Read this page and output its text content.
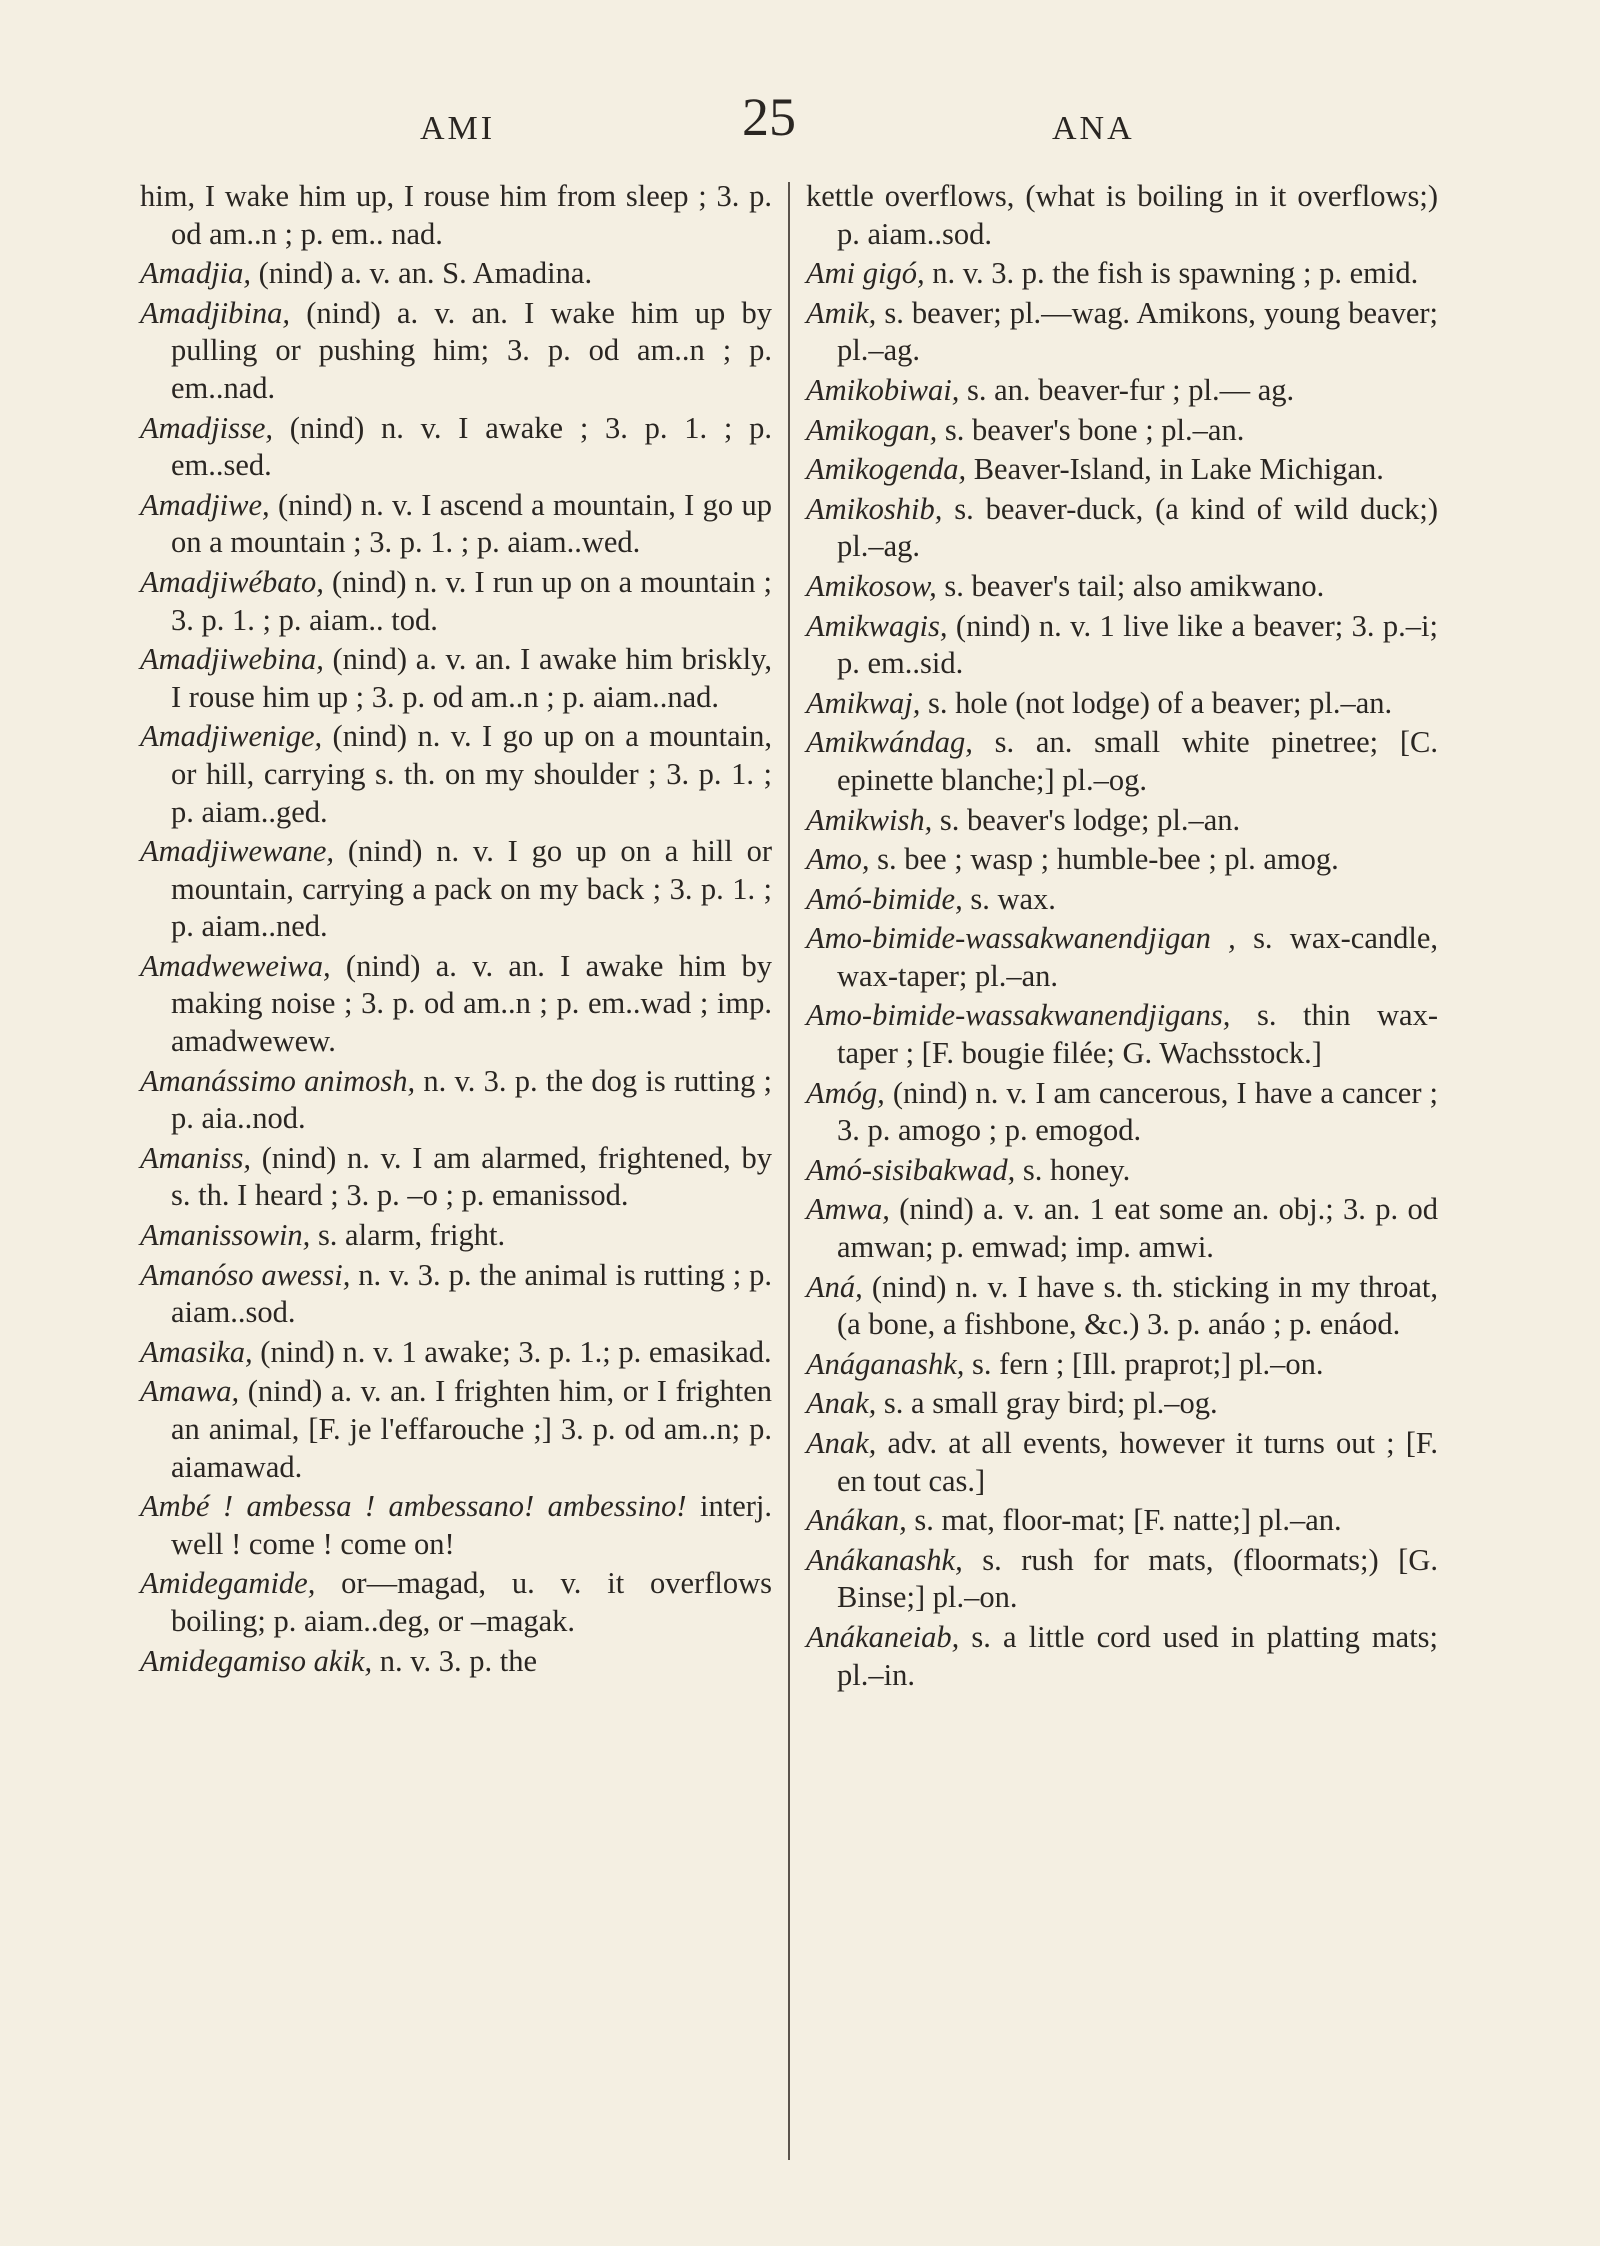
AMI	25	ANA

him, I wake him up, I rouse him from sleep ; 3. p. od am..n ; p. em.. nad.

Amadjia, (nind) a. v. an. S. Amadina.

Amadjibina, (nind) a. v. an. I wake him up by pulling or pushing him; 3. p. od am..n ; p. em..nad.

Amadjisse, (nind) n. v. I awake ; 3. p. 1. ; p. em..sed.

Amadjiwe, (nind) n. v. I ascend a mountain, I go up on a mountain ; 3. p. 1. ; p. aiam..wed.

Amadjiwébato, (nind) n. v. I run up on a mountain ; 3. p. 1. ; p. aiam.. tod.

Amadjiwebina, (nind) a. v. an. I awake him briskly, I rouse him up ; 3. p. od am..n ; p. aiam..nad.

Amadjiwenige, (nind) n. v. I go up on a mountain, or hill, carrying s. th. on my shoulder ; 3. p. 1. ; p. aiam..ged.

Amadjiwewane, (nind) n. v. I go up on a hill or mountain, carrying a pack on my back ; 3. p. 1. ; p. aiam..ned.

Amadweweiwa, (nind) a. v. an. I awake him by making noise ; 3. p. od am..n ; p. em..wad ; imp. amadwewew.

Amanássimo animosh, n. v. 3. p. the dog is rutting ; p. aia..nod.

Amaniss, (nind) n. v. I am alarmed, frightened, by s. th. I heard ; 3. p. –o ; p. emanissod.

Amanissowin, s. alarm, fright.

Amanóso awessi, n. v. 3. p. the animal is rutting ; p. aiam..sod.

Amasika, (nind) n. v. 1 awake; 3. p. 1.; p. emasikad.

Amawa, (nind) a. v. an. I frighten him, or I frighten an animal, [F. je l'effarouche ;] 3. p. od am..n; p. aiamawad.

Ambé ! ambessa ! ambessano! ambessino! interj. well ! come ! come on!

Amidegamide, or—magad, u. v. it overflows boiling; p. aiam..deg, or –magak.

Amidegamiso akik, n. v. 3. p. the

kettle overflows, (what is boiling in it overflows;) p. aiam..sod.

Ami gigó, n. v. 3. p. the fish is spawning ; p. emid.

Amik, s. beaver; pl.—wag. Amikons, young beaver; pl.–ag.

Amikobiwai, s. an. beaver-fur ; pl.— ag.

Amikogan, s. beaver's bone ; pl.–an.

Amikogenda, Beaver-Island, in Lake Michigan.

Amikoshib, s. beaver-duck, (a kind of wild duck;) pl.–ag.

Amikosow, s. beaver's tail; also amikwano.

Amikwagis, (nind) n. v. 1 live like a beaver; 3. p.–i; p. em..sid.

Amikwaj, s. hole (not lodge) of a beaver; pl.–an.

Amikwándag, s. an. small white pinetree; [C. epinette blanche;] pl.–og.

Amikwish, s. beaver's lodge; pl.–an.

Amo, s. bee ; wasp ; humble-bee ; pl. amog.

Amó-bimide, s. wax.

Amo-bimide-wassakwanendjigan , s. wax-candle, wax-taper; pl.–an.

Amo-bimide-wassakwanendjigans, s. thin wax-taper ; [F. bougie filée; G. Wachsstock.]

Amóg, (nind) n. v. I am cancerous, I have a cancer ; 3. p. amogo ; p. emogod.

Amó-sisibakwad, s. honey.

Amwa, (nind) a. v. an. 1 eat some an. obj.; 3. p. od amwan; p. emwad; imp. amwi.

Aná, (nind) n. v. I have s. th. sticking in my throat, (a bone, a fishbone, &c.) 3. p. anáo ; p. enáod.

Anáganashk, s. fern ; [Ill. praprot;] pl.–on.

Anak, s. a small gray bird; pl.–og.

Anak, adv. at all events, however it turns out ; [F. en tout cas.]

Anákan, s. mat, floor-mat; [F. natte;] pl.–an.

Anákanashk, s. rush for mats, (floormats;) [G. Binse;] pl.–on.

Anákaneiab, s. a little cord used in platting mats; pl.–in.
